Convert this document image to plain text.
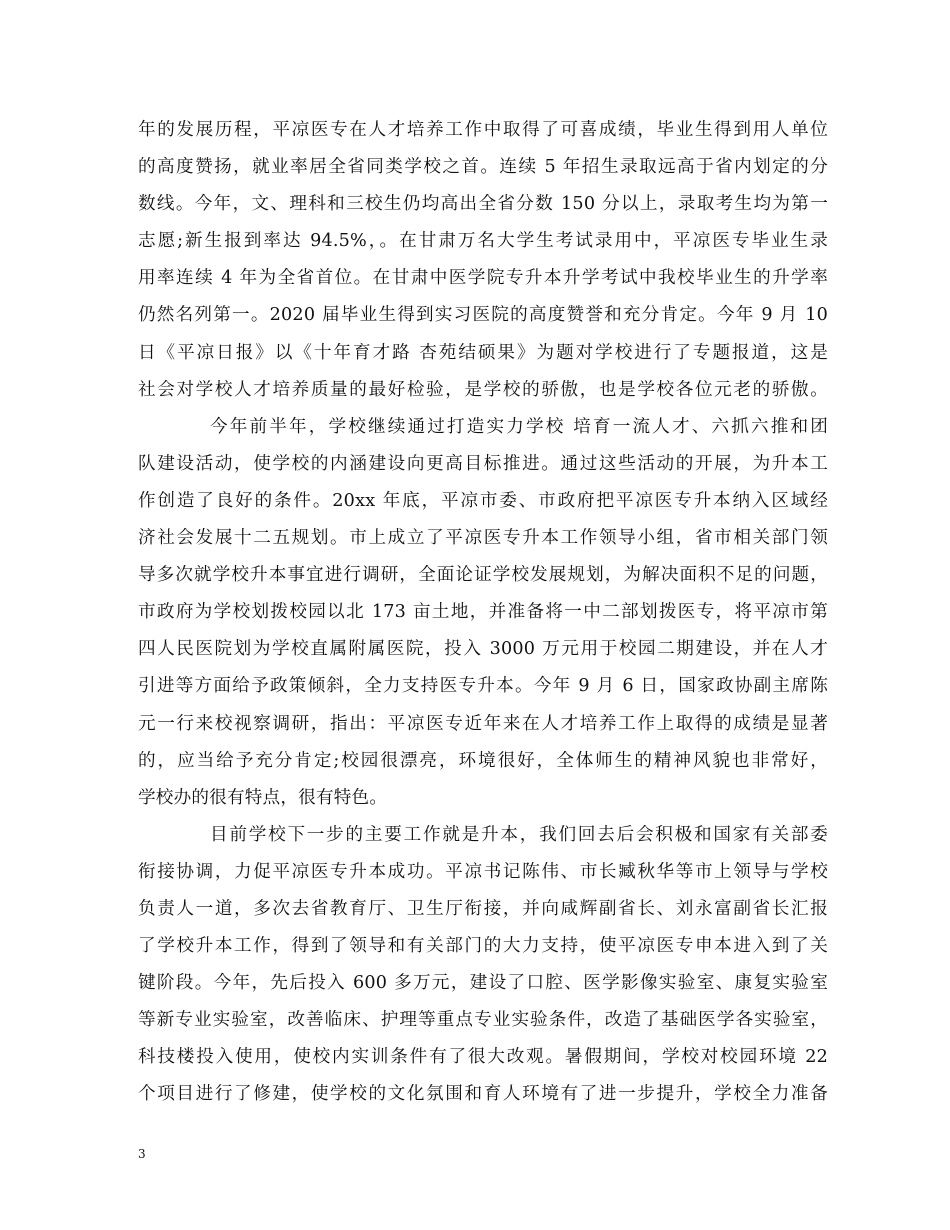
年的发展历程，平凉医专在人才培养工作中取得了可喜成绩，毕业生得到用人单位
的高度赞扬，就业率居全省同类学校之首。连续 5 年招生录取远高于省内划定的分
数线。今年，文、理科和三校生仍均高出全省分数 150 分以上，录取考生均为第一
志愿;新生报到率达 94.5%，。在甘肃万名大学生考试录用中，平凉医专毕业生录
用率连续 4 年为全省首位。在甘肃中医学院专升本升学考试中我校毕业生的升学率
仍然名列第一。2020 届毕业生得到实习医院的高度赞誉和充分肯定。今年 9 月 10
日《平凉日报》以《十年育才路 杏苑结硕果》为题对学校进行了专题报道，这是
社会对学校人才培养质量的最好检验，是学校的骄傲，也是学校各位元老的骄傲。
今年前半年，学校继续通过打造实力学校 培育一流人才、六抓六推和团
队建设活动，使学校的内涵建设向更高目标推进。通过这些活动的开展，为升本工
作创造了良好的条件。20xx 年底，平凉市委、市政府把平凉医专升本纳入区域经
济社会发展十二五规划。市上成立了平凉医专升本工作领导小组，省市相关部门领
导多次就学校升本事宜进行调研，全面论证学校发展规划，为解决面积不足的问题，
市政府为学校划拨校园以北 173 亩土地，并准备将一中二部划拨医专，将平凉市第
四人民医院划为学校直属附属医院，投入 3000 万元用于校园二期建设，并在人才
引进等方面给予政策倾斜，全力支持医专升本。今年 9 月 6 日，国家政协副主席陈
元一行来校视察调研，指出：平凉医专近年来在人才培养工作上取得的成绩是显著
的，应当给予充分肯定;校园很漂亮，环境很好，全体师生的精神风貌也非常好，
学校办的很有特点，很有特色。
目前学校下一步的主要工作就是升本，我们回去后会积极和国家有关部委
衔接协调，力促平凉医专升本成功。平凉书记陈伟、市长臧秋华等市上领导与学校
负责人一道，多次去省教育厅、卫生厅衔接，并向咸辉副省长、刘永富副省长汇报
了学校升本工作，得到了领导和有关部门的大力支持，使平凉医专申本进入到了关
键阶段。今年，先后投入 600 多万元，建设了口腔、医学影像实验室、康复实验室
等新专业实验室，改善临床、护理等重点专业实验条件，改造了基础医学各实验室，
科技楼投入使用，使校内实训条件有了很大改观。暑假期间，学校对校园环境 22
个项目进行了修建，使学校的文化氛围和育人环境有了进一步提升，学校全力准备
3
